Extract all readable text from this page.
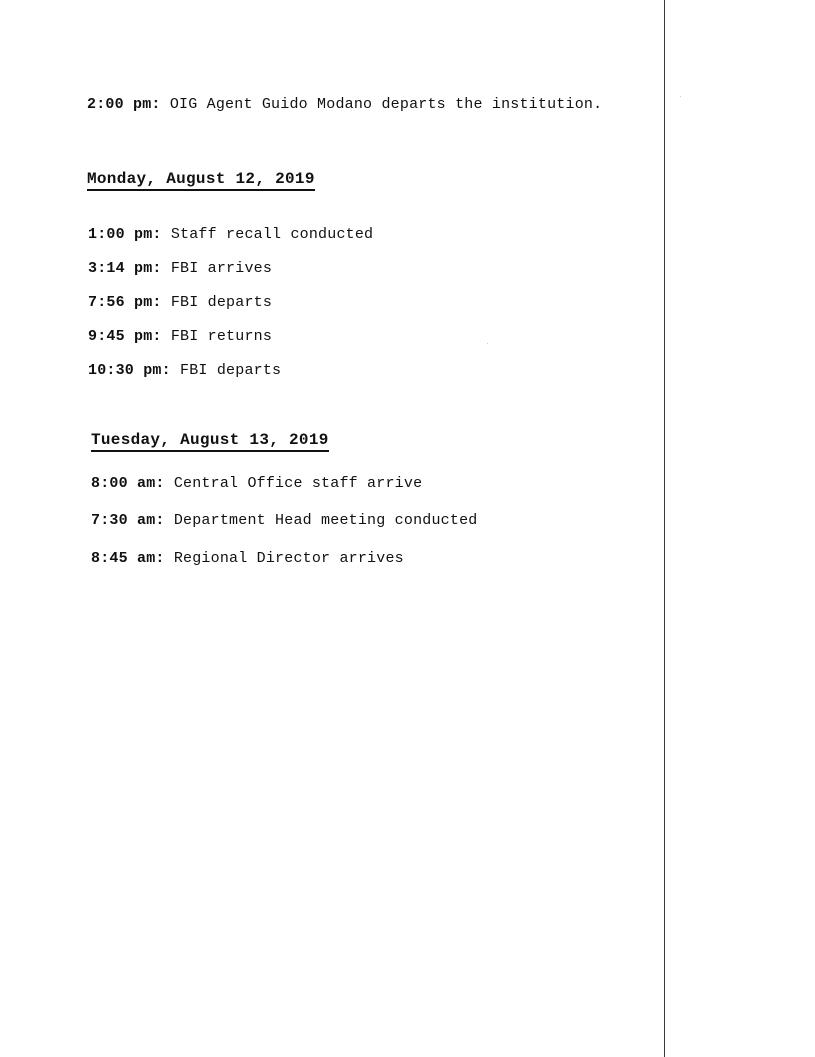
2:00 pm: OIG Agent Guido Modano departs the institution.
Monday, August 12, 2019
1:00 pm: Staff recall conducted
3:14 pm: FBI arrives
7:56 pm: FBI departs
9:45 pm: FBI returns
10:30 pm: FBI departs
Tuesday, August 13, 2019
8:00 am: Central Office staff arrive
7:30 am: Department Head meeting conducted
8:45 am: Regional Director arrives
